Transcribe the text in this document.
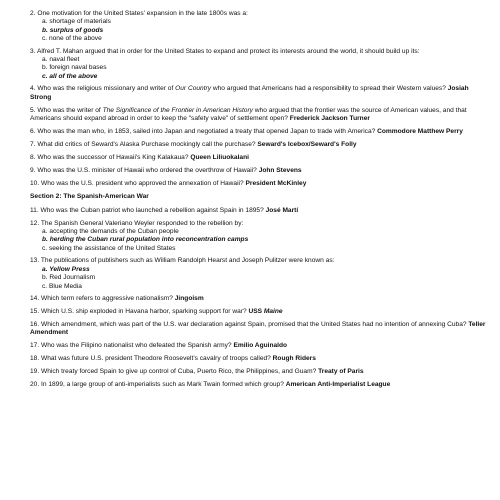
2. One motivation for the United States' expansion in the late 1800s was a:
a. shortage of materials
b. surplus of goods
c. none of the above
3. Alfred T. Mahan argued that in order for the United States to expand and protect its interests around the world, it should build up its:
a. naval fleet
b. foreign naval bases
c. all of the above
4. Who was the religious missionary and writer of Our Country who argued that Americans had a responsibility to spread their Western values? Josiah Strong
5. Who was the writer of The Significance of the Frontier in American History who argued that the frontier was the source of American values, and that Americans should expand abroad in order to keep the "safety valve" of settlement open? Frederick Jackson Turner
6. Who was the man who, in 1853, sailed into Japan and negotiated a treaty that opened Japan to trade with America? Commodore Matthew Perry
7. What did critics of Seward's Alaska Purchase mockingly call the purchase? Seward's Icebox/Seward's Folly
8. Who was the successor of Hawaii's King Kalakaua? Queen Liliuokalani
9. Who was the U.S. minister of Hawaii who ordered the overthrow of Hawaii? John Stevens
10. Who was the U.S. president who approved the annexation of Hawaii? President McKinley
Section 2: The Spanish-American War
11. Who was the Cuban patriot who launched a rebellion against Spain in 1895? José Martí
12. The Spanish General Valeriano Weyler responded to the rebellion by:
a. accepting the demands of the Cuban people
b. herding the Cuban rural population into reconcentration camps
c. seeking the assistance of the United States
13. The publications of publishers such as William Randolph Hearst and Joseph Pulitzer were known as:
a. Yellow Press
b. Red Journalism
c. Blue Media
14. Which term refers to aggressive nationalism? Jingoism
15. Which U.S. ship exploded in Havana harbor, sparking support for war? USS Maine
16. Which amendment, which was part of the U.S. war declaration against Spain, promised that the United States had no intention of annexing Cuba? Teller Amendment
17. Who was the Filipino nationalist who defeated the Spanish army? Emilio Aguinaldo
18. What was future U.S. president Theodore Roosevelt's cavalry of troops called? Rough Riders
19. Which treaty forced Spain to give up control of Cuba, Puerto Rico, the Philippines, and Guam? Treaty of Paris
20. In 1899, a large group of anti-imperialists such as Mark Twain formed which group? American Anti-Imperialist League
